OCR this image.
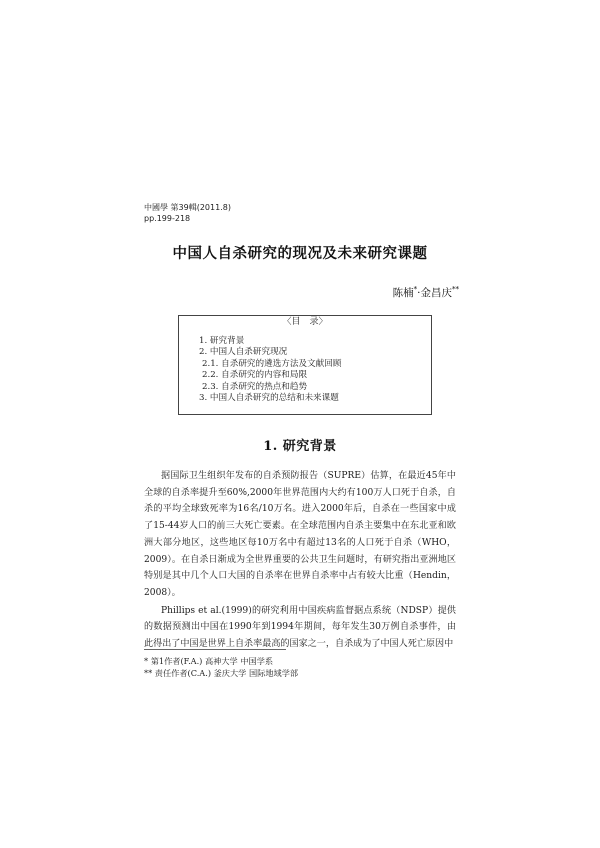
中國學 第39輯(2011.8)
pp.199-218
中国人自杀研究的现况及未来研究课题
陈楠*·金昌庆**
〈目　录〉
1. 研究背景
2. 中国人自杀研究现况
2.1. 自杀研究的遴选方法及文献回顾
2.2. 自杀研究的内容和局限
2.3. 自杀研究的热点和趋势
3. 中国人自杀研究的总结和未来课题
1. 研究背景

据国际卫生组织年发布的自杀预防报告（SUPRE）估算，在最近45年中全球的自杀率提升至60%,2000年世界范围内大约有100万人口死于自杀，自杀的平均全球致死率为16名/10万名。进入2000年后，自杀在一些国家中成了15-44岁人口的前三大死亡要素。在全球范围内自杀主要集中在东北亚和欧洲大部分地区，这些地区每10万名中有超过13名的人口死于自杀（WHO，2009）。在自杀日渐成为全世界重要的公共卫生问题时，有研究指出亚洲地区特别是其中几个人口大国的自杀率在世界自杀率中占有较大比重（Hendin，2008）。

Phillips et al.(1999)的研究利用中国疾病监督据点系统（NDSP）提供的数据预测出中国在1990年到1994年期间，每年发生30万例自杀事件，由此得出了中国是世界上自杀率最高的国家之一，自杀成为了中国人死亡原因中

* 第1作者(F.A.) 高神大学 中国学系
** 责任作者(C.A.) 釜庆大学 国际地域学部
